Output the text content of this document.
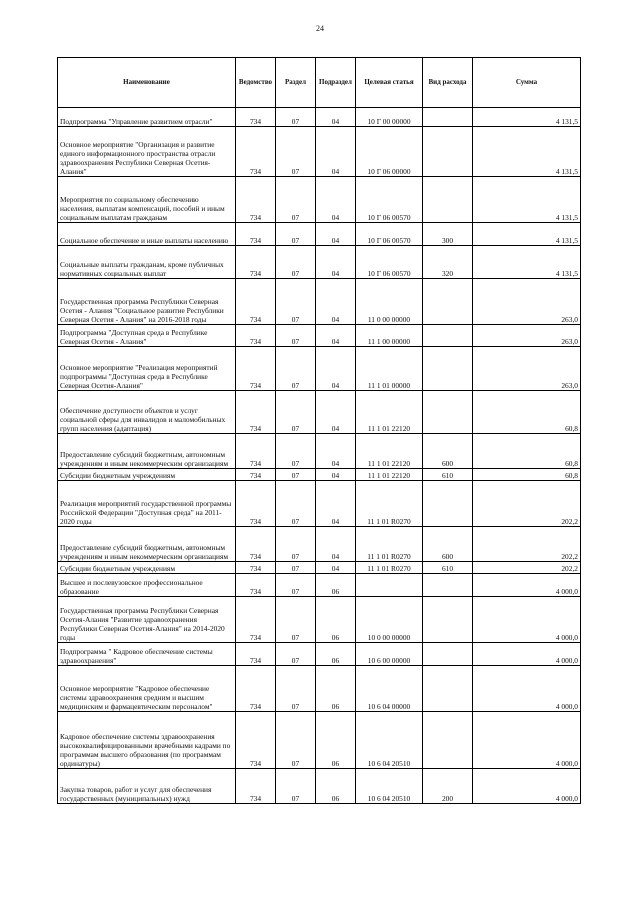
24
Наименование	Ведомство	Раздел	Подраздел	Целевая статья	Вид расхода	Сумма
Подпрограмма "Управление развитием отрасли"	734	07	04	10 Г 00 00000		4 131,5
Основное мероприятие "Организация и развитие единого информационного пространства отрасли здравоохранения Республики Северная Осетия-Алания"	734	07	04	10 Г 06 00000		4 131,5
Мероприятия по социальному обеспечению населения, выплатам компенсаций, пособий и иным социальным выплатам гражданам	734	07	04	10 Г 06 00570		4 131,5
Социальное обеспечение и иные выплаты населению	734	07	04	10 Г 06 00570	300	4 131,5
Социальные выплаты гражданам, кроме публичных нормативных социальных выплат	734	07	04	10 Г 06 00570	320	4 131,5
Государственная программа Республики Северная Осетия - Алания "Социальное развитие Республики Северная Осетия - Алания" на 2016-2018 годы	734	07	04	11 0 00 00000		263,0
Подпрограмма "Доступная среда в Республике Северная Осетия - Алания"	734	07	04	11 1 00 00000		263,0
Основное мероприятие "Реализация мероприятий подпрограммы "Доступная среда в Республике Северная Осетия-Алания"	734	07	04	11 1 01 00000		263,0
Обеспечение доступности объектов и услуг социальной сферы для инвалидов и маломобильных групп населения (адаптация)	734	07	04	11 1 01 22120		60,8
Предоставление субсидий бюджетным, автономным учреждениям и иным некоммерческим организациям	734	07	04	11 1 01 22120	600	60,8
Субсидии бюджетным учреждениям	734	07	04	11 1 01 22120	610	60,8
Реализация мероприятий государственной программы Российской Федерации "Доступная среда" на 2011-2020 годы	734	07	04	11 1 01 R0270		202,2
Предоставление субсидий бюджетным, автономным учреждениям и иным некоммерческим организациям	734	07	04	11 1 01 R0270	600	202,2
Субсидии бюджетным учреждениям	734	07	04	11 1 01 R0270	610	202,2
Высшее и послевузовское профессиональное образование	734	07	06			4 000,0
Государственная программа Республики Северная Осетия-Алания "Развитие здравоохранения Республики Северная Осетия-Алания" на 2014-2020 годы	734	07	06	10 0 00 00000		4 000,0
Подпрограмма " Кадровое обеспечение системы здравоохранения"	734	07	06	10 6 00 00000		4 000,0
Основное мероприятие "Кадровое обеспечение системы здравоохранения средним и высшим медицинским и фармацевтическим персоналом"	734	07	06	10 6 04 00000		4 000,0
Кадровое обеспечение системы здравоохранения высококвалифицированными врачебными кадрами по программам высшего образования (по программам ординатуры)	734	07	06	10 6 04 20510		4 000,0
Закупка товаров, работ и услуг для обеспечения государственных (муниципальных) нужд	734	07	06	10 6 04 20510	200	4 000,0
